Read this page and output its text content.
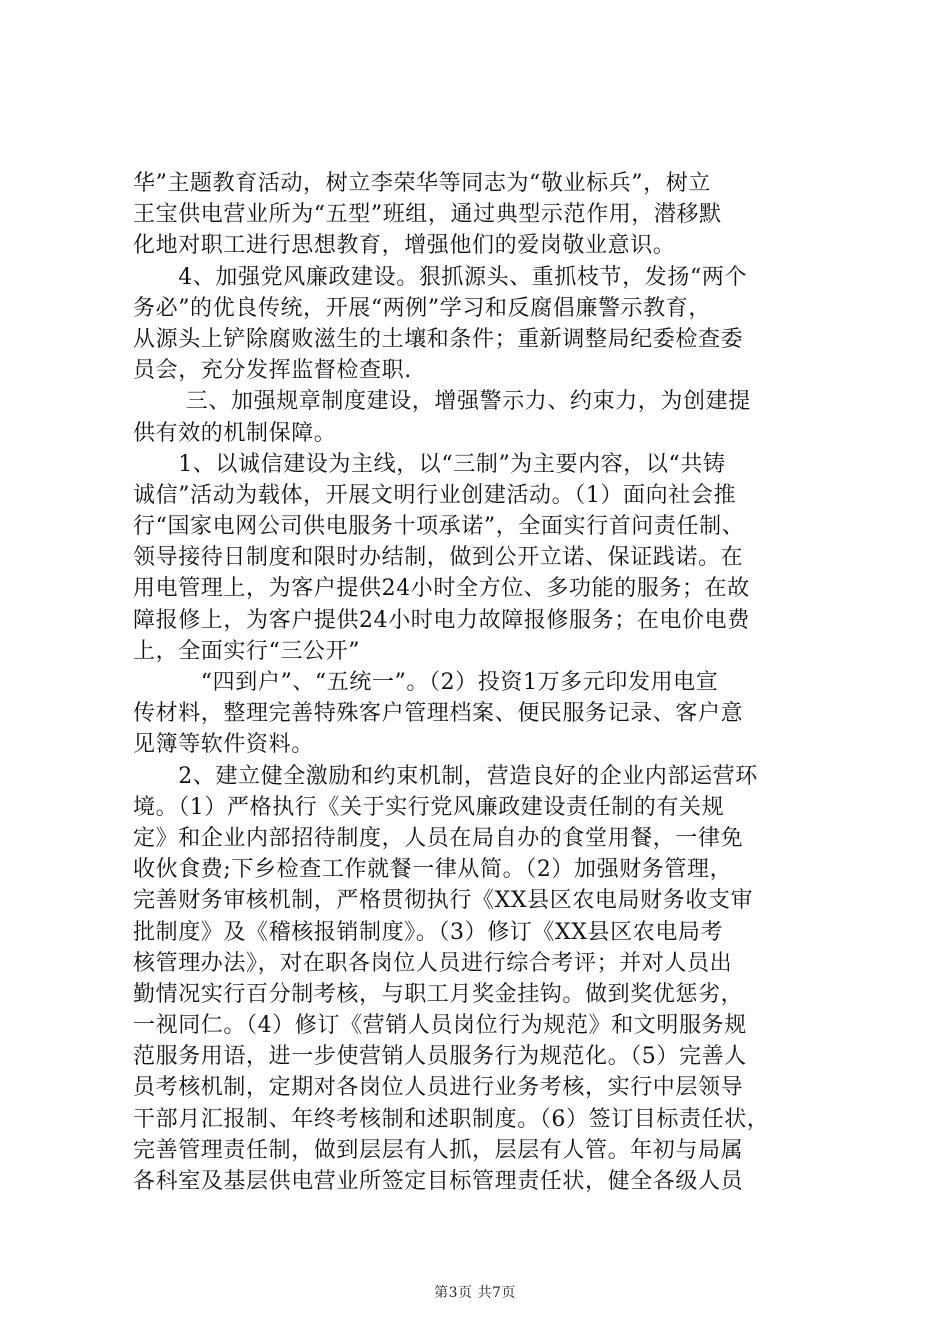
华”主题教育活动，树立李荣华等同志为“敬业标兵”，树立
王宝供电营业所为“五型”班组，通过典型示范作用，潜移默
化地对职工进行思想教育，增强他们的爱岗敬业意识。
　　4、加强党风廉政建设。狠抓源头、重抓枝节，发扬“两个
务必”的优良传统，开展“两例”学习和反腐倡廉警示教育，
从源头上铲除腐败滋生的土壤和条件；重新调整局纪委检查委
员会，充分发挥监督检查职.
　　 三、加强规章制度建设，增强警示力、约束力，为创建提
供有效的机制保障。
　　1、以诚信建设为主线，以“三制”为主要内容，以“共铸
诚信”活动为载体，开展文明行业创建活动。（1）面向社会推
行“国家电网公司供电服务十项承诺”，全面实行首问责任制、
领导接待日制度和限时办结制，做到公开立诺、保证践诺。在
用电管理上，为客户提供24小时全方位、多功能的服务；在故
障报修上，为客户提供24小时电力故障报修服务；在电价电费
上，全面实行“三公开”
　　　“四到户”、“五统一”。（2）投资1万多元印发用电宣
传材料，整理完善特殊客户管理档案、便民服务记录、客户意
见簿等软件资料。
　　2、建立健全激励和约束机制，营造良好的企业内部运营环
境。（1）严格执行《关于实行党风廉政建设责任制的有关规
定》和企业内部招待制度，人员在局自办的食堂用餐，一律免
收伙食费;下乡检查工作就餐一律从简。（2）加强财务管理，
完善财务审核机制，严格贯彻执行《XX县区农电局财务收支审
批制度》及《稽核报销制度》。（3）修订《XX县区农电局考
核管理办法》，对在职各岗位人员进行综合考评；并对人员出
勤情况实行百分制考核，与职工月奖金挂钩。做到奖优惩劣，
一视同仁。（4）修订《营销人员岗位行为规范》和文明服务规
范服务用语，进一步使营销人员服务行为规范化。（5）完善人
员考核机制，定期对各岗位人员进行业务考核，实行中层领导
干部月汇报制、年终考核制和述职制度。（6）签订目标责任状，
完善管理责任制，做到层层有人抓，层层有人管。年初与局属
各科室及基层供电营业所签定目标管理责任状，健全各级人员
第3页 共7页
